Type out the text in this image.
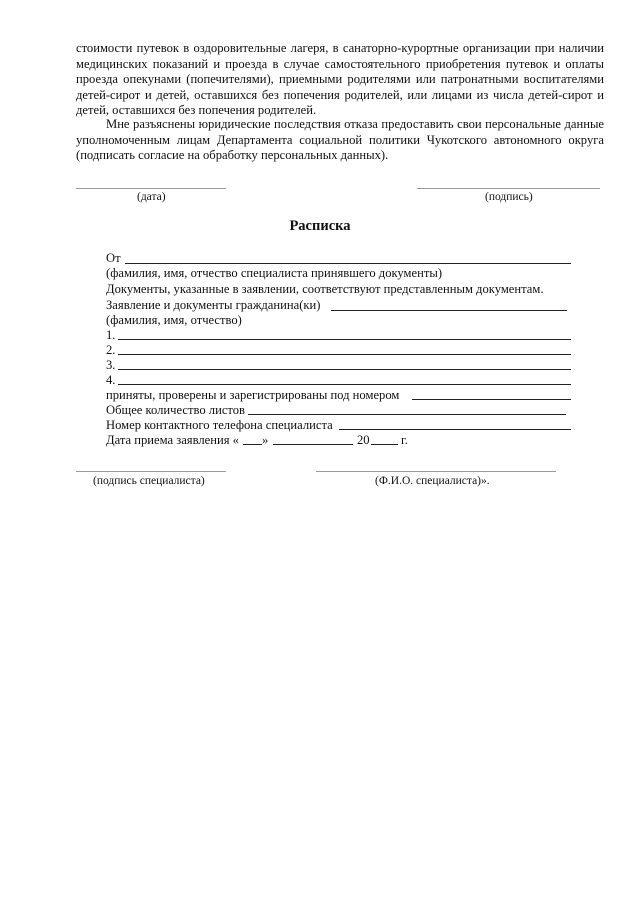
стоимости путевок в оздоровительные лагеря, в санаторно-курортные организации при наличии медицинских показаний и проезда в случае самостоятельного приобретения путевок и оплаты проезда опекунами (попечителями), приемными родителями или патронатными воспитателями детей-сирот и детей, оставшихся без попечения родителей, или лицами из числа детей-сирот и детей, оставшихся без попечения родителей.

Мне разъяснены юридические последствия отказа предоставить свои персональные данные уполномоченным лицам Департамента социальной политики Чукотского автономного округа (подписать согласие на обработку персональных данных).

(дата)	(подпись)
Расписка
От
(фамилия, имя, отчество специалиста принявшего документы)
Документы, указанные в заявлении, соответствуют представленным документам.
Заявление и документы гражданина(ки)
(фамилия, имя, отчество)
1.
2.
3.
4.
приняты, проверены и зарегистрированы под номером
Общее количество листов
Номер контактного телефона специалиста
Дата приема заявления « »	20 г.
(подпись специалиста)	(Ф.И.О. специалиста)».
